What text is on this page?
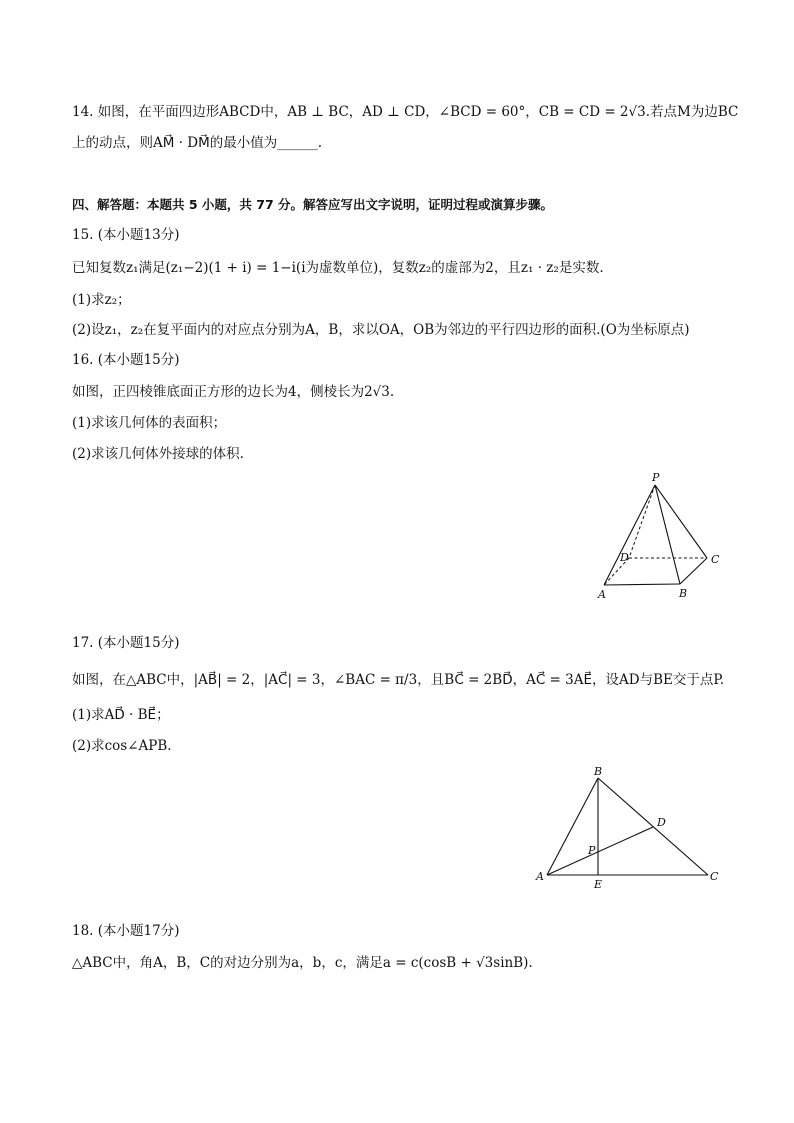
14. 如图，在平面四边形ABCD中，AB ⊥ BC，AD ⊥ CD，∠BCD = 60°，CB = CD = 2√3.若点M为边BC
上的动点，则AM⃗ · DM⃗的最小值为______.
四、解答题：本题共 5 小题，共 77 分。解答应写出文字说明，证明过程或演算步骤。
15. (本小题13分)
已知复数z₁满足(z₁−2)(1 + i) = 1−i(i为虚数单位)，复数z₂的虚部为2，且z₁ · z₂是实数.
(1)求z₂；
(2)设z₁，z₂在复平面内的对应点分别为A，B，求以OA，OB为邻边的平行四边形的面积.(O为坐标原点)
16. (本小题15分)
如图，正四棱锥底面正方形的边长为4，侧棱长为2√3.
(1)求该几何体的表面积；
(2)求该几何体外接球的体积.
P
D	C
A	B
17. (本小题15分)
如图，在△ABC中，|AB⃗| = 2，|AC⃗| = 3，∠BAC = π/3，且BC⃗ = 2BD⃗，AC⃗ = 3AE⃗，设AD与BE交于点P.
(1)求AD⃗ · BE⃗；
(2)求cos∠APB.
B
D
P
A
E
C
18. (本小题17分)
△ABC中，角A，B，C的对边分别为a，b，c，满足a = c(cosB + √3sinB).
